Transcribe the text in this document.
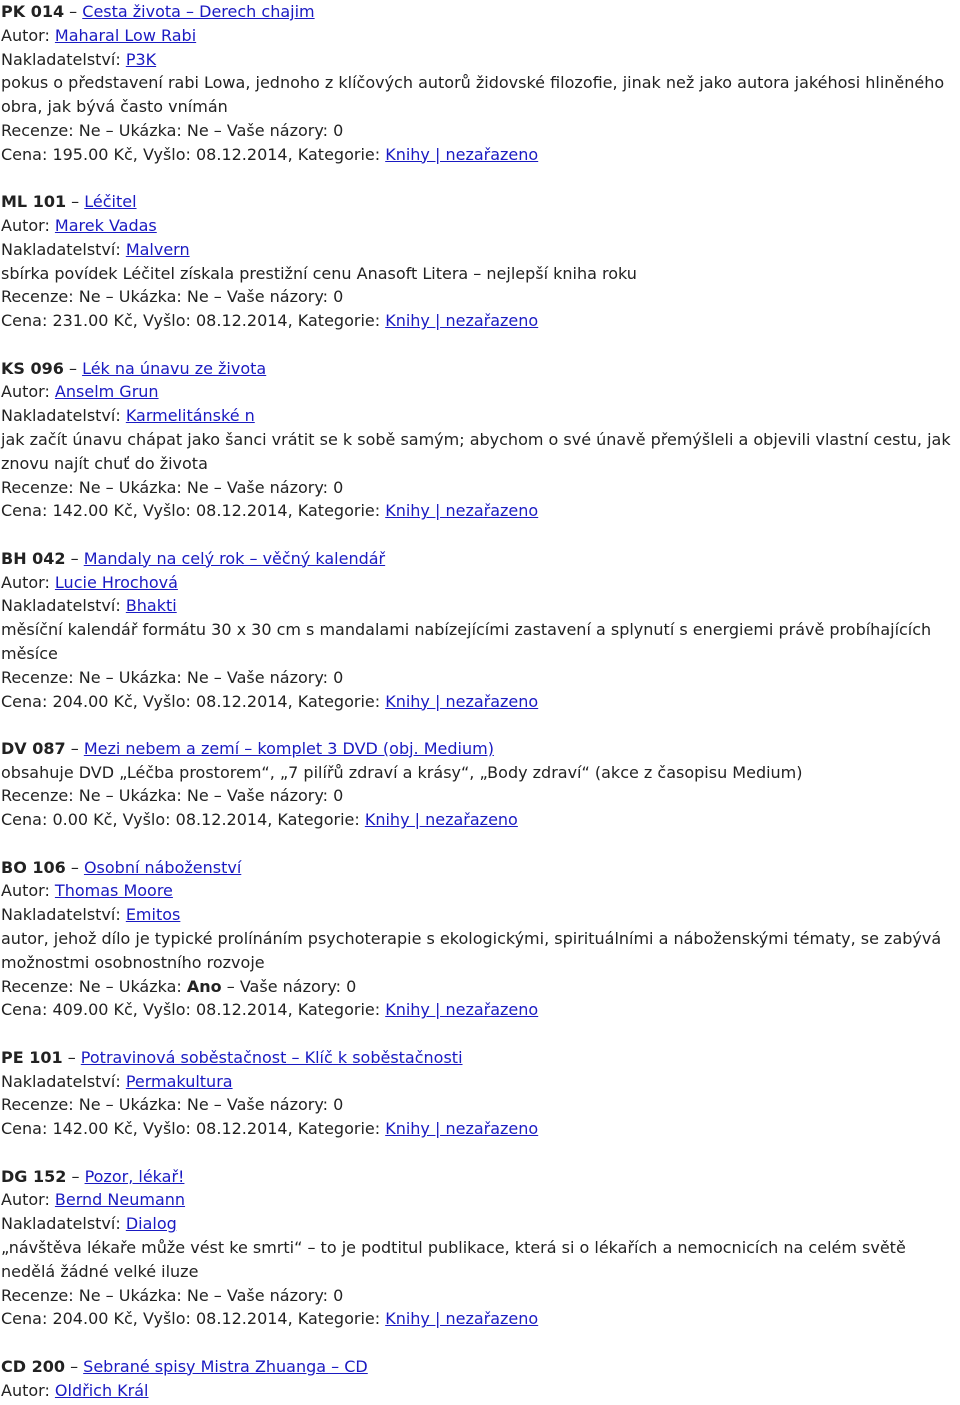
PK 014 – Cesta života – Derech chajim
Autor: Maharal Low Rabi
Nakladatelství: P3K
pokus o představení rabi Lowa, jednoho z klíčových autorů židovské filozofie, jinak než jako autora jakéhosi hliněného obra, jak bývá často vnímán
Recenze: Ne – Ukázka: Ne – Vaše názory: 0
Cena: 195.00 Kč, Vyšlo: 08.12.2014, Kategorie: Knihy | nezařazeno
ML 101 – Léčitel
Autor: Marek Vadas
Nakladatelství: Malvern
sbírka povídek Léčitel získala prestižní cenu Anasoft Litera – nejlepší kniha roku
Recenze: Ne – Ukázka: Ne – Vaše názory: 0
Cena: 231.00 Kč, Vyšlo: 08.12.2014, Kategorie: Knihy | nezařazeno
KS 096 – Lék na únavu ze života
Autor: Anselm Grun
Nakladatelství: Karmelitánské n
jak začít únavu chápat jako šanci vrátit se k sobě samým; abychom o své únavě přemýšleli a objevili vlastní cestu, jak znovu najít chuť do života
Recenze: Ne – Ukázka: Ne – Vaše názory: 0
Cena: 142.00 Kč, Vyšlo: 08.12.2014, Kategorie: Knihy | nezařazeno
BH 042 – Mandaly na celý rok – věčný kalendář
Autor: Lucie Hrochová
Nakladatelství: Bhakti
měsíční kalendář formátu 30 x 30 cm s mandalami nabízejícími zastavení a splynutí s energiemi právě probíhajících měsíce
Recenze: Ne – Ukázka: Ne – Vaše názory: 0
Cena: 204.00 Kč, Vyšlo: 08.12.2014, Kategorie: Knihy | nezařazeno
DV 087 – Mezi nebem a zemí – komplet 3 DVD (obj. Medium)
obsahuje DVD „Léčba prostorem“, „7 pilířů zdraví a krásy“, „Body zdraví“ (akce z časopisu Medium)
Recenze: Ne – Ukázka: Ne – Vaše názory: 0
Cena: 0.00 Kč, Vyšlo: 08.12.2014, Kategorie: Knihy | nezařazeno
BO 106 – Osobní náboženství
Autor: Thomas Moore
Nakladatelství: Emitos
autor, jehož dílo je typické prolínáním psychoterapie s ekologickými, spirituálními a náboženskými tématy, se zabývá možnostmi osobnostního rozvoje
Recenze: Ne – Ukázka: Ano – Vaše názory: 0
Cena: 409.00 Kč, Vyšlo: 08.12.2014, Kategorie: Knihy | nezařazeno
PE 101 – Potravinová soběstačnost – Klíč k soběstačnosti
Nakladatelství: Permakultura
Recenze: Ne – Ukázka: Ne – Vaše názory: 0
Cena: 142.00 Kč, Vyšlo: 08.12.2014, Kategorie: Knihy | nezařazeno
DG 152 – Pozor, lékař!
Autor: Bernd Neumann
Nakladatelství: Dialog
„návštěva lékaře může vést ke smrti“ – to je podtitul publikace, která si o lékařích a nemocnicích na celém světě nedělá žádné velké iluze
Recenze: Ne – Ukázka: Ne – Vaše názory: 0
Cena: 204.00 Kč, Vyšlo: 08.12.2014, Kategorie: Knihy | nezařazeno
CD 200 – Sebrané spisy Mistra Zhuanga – CD
Autor: Oldřich Král
